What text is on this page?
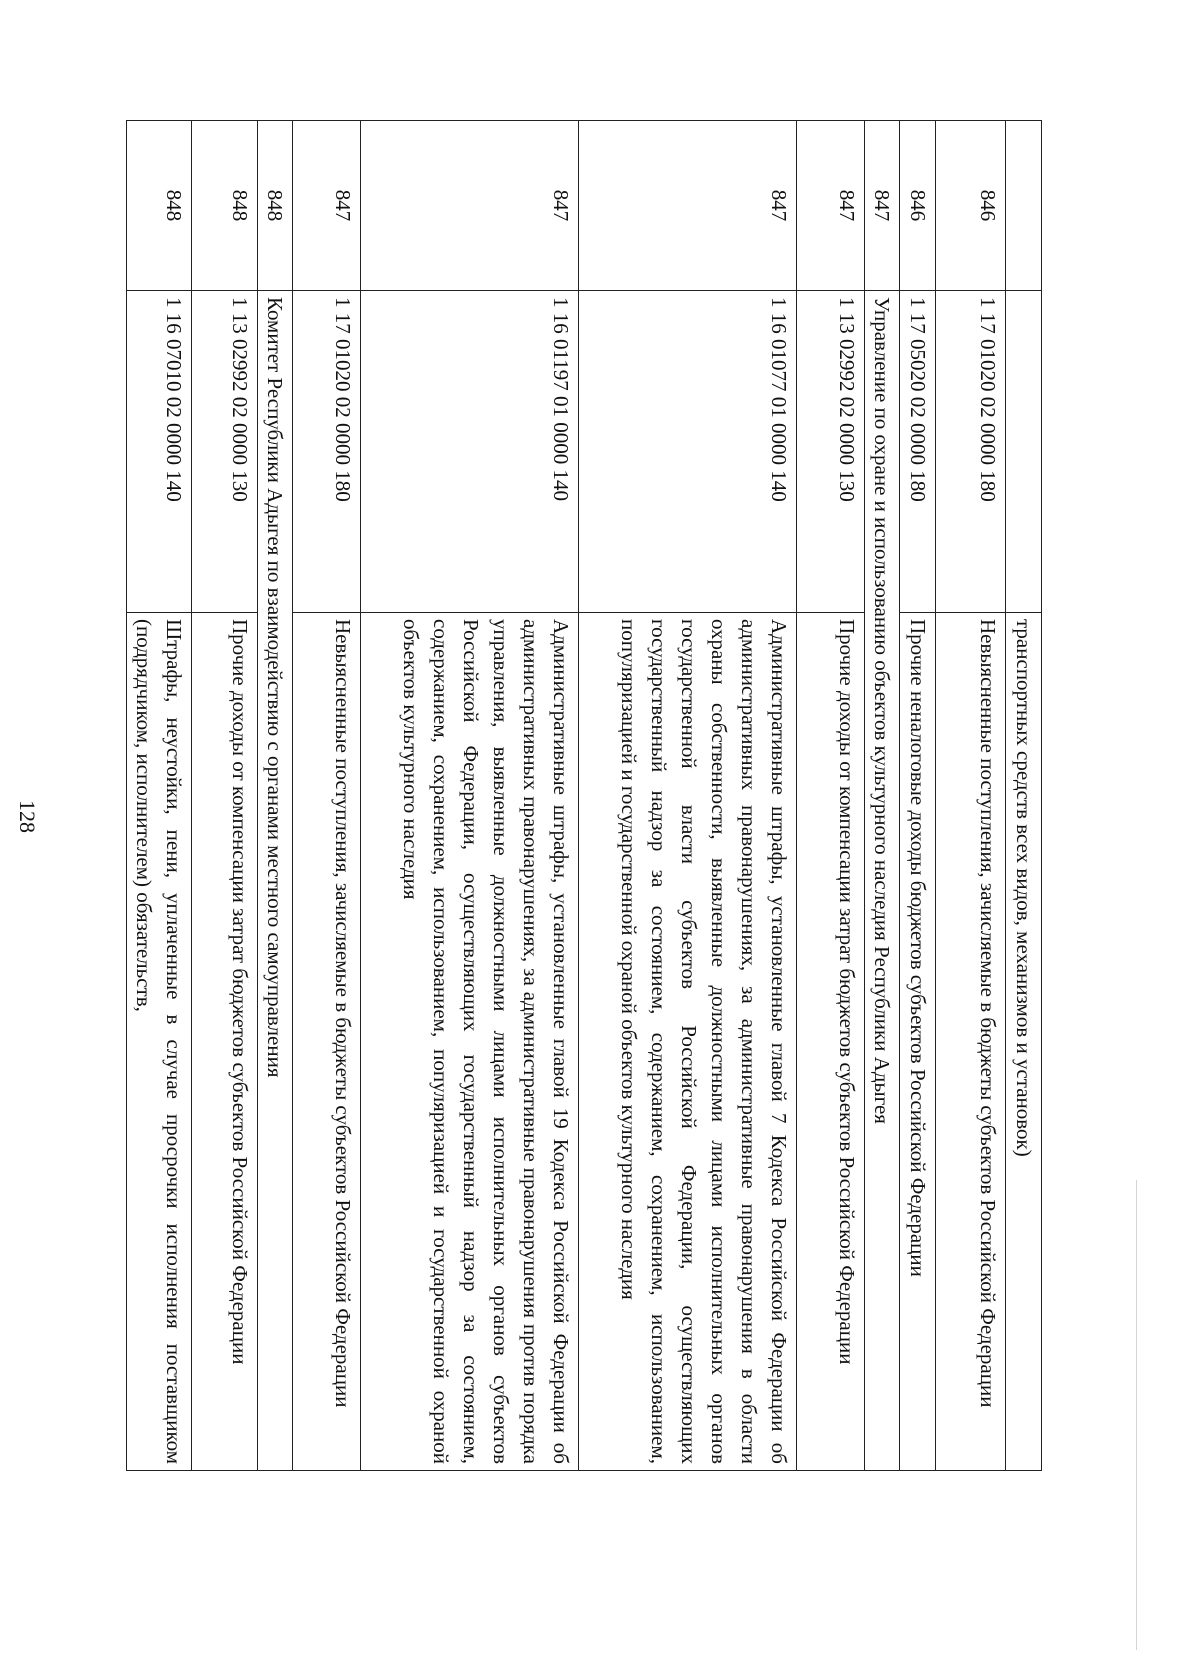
128
			транспортных средств всех видов, механизмов и установок)
846	1 17 01020 02 0000 180	Невыясненные поступления, зачисляемые в бюджеты субъектов Российской Федерации
846	1 17 05020 02 0000 180	Прочие неналоговые доходы бюджетов субъектов Российской Федерации
847	Управление по охране и использованию объектов культурного наследия Республики Адыгея	
847	1 13 02992 02 0000 130	Прочие доходы от компенсации затрат бюджетов субъектов Российской Федерации
847	1 16 01077 01 0000 140	Административные штрафы, установленные главой 7 Кодекса Российской Федерации об административных правонарушениях, за административные правонарушения в области охраны собственности, выявленные должностными лицами исполнительных органов государственной власти субъектов Российской Федерации, осуществляющих государственный надзор за состоянием, содержанием, сохранением, использованием, популяризацией и государственной охраной объектов культурного наследия
847	1 16 01197 01 0000 140	Административные штрафы, установленные главой 19 Кодекса Российской Федерации об административных правонарушениях, за административные правонарушения против порядка управления, выявленные должностными лицами исполнительных органов субъектов Российской Федерации, осуществляющих государственный надзор за состоянием, содержанием, сохранением, использованием, популяризацией и государственной охраной объектов культурного наследия
847	1 17 01020 02 0000 180	Невыясненные поступления, зачисляемые в бюджеты субъектов Российской Федерации
848	Комитет Республики Адыгея по взаимодействию с органами местного самоуправления	
848	1 13 02992 02 0000 130	Прочие доходы от компенсации затрат бюджетов субъектов Российской Федерации
848	1 16 07010 02 0000 140	Штрафы, неустойки, пени, уплаченные в случае просрочки исполнения поставщиком (подрядчиком, исполнителем) обязательств,
